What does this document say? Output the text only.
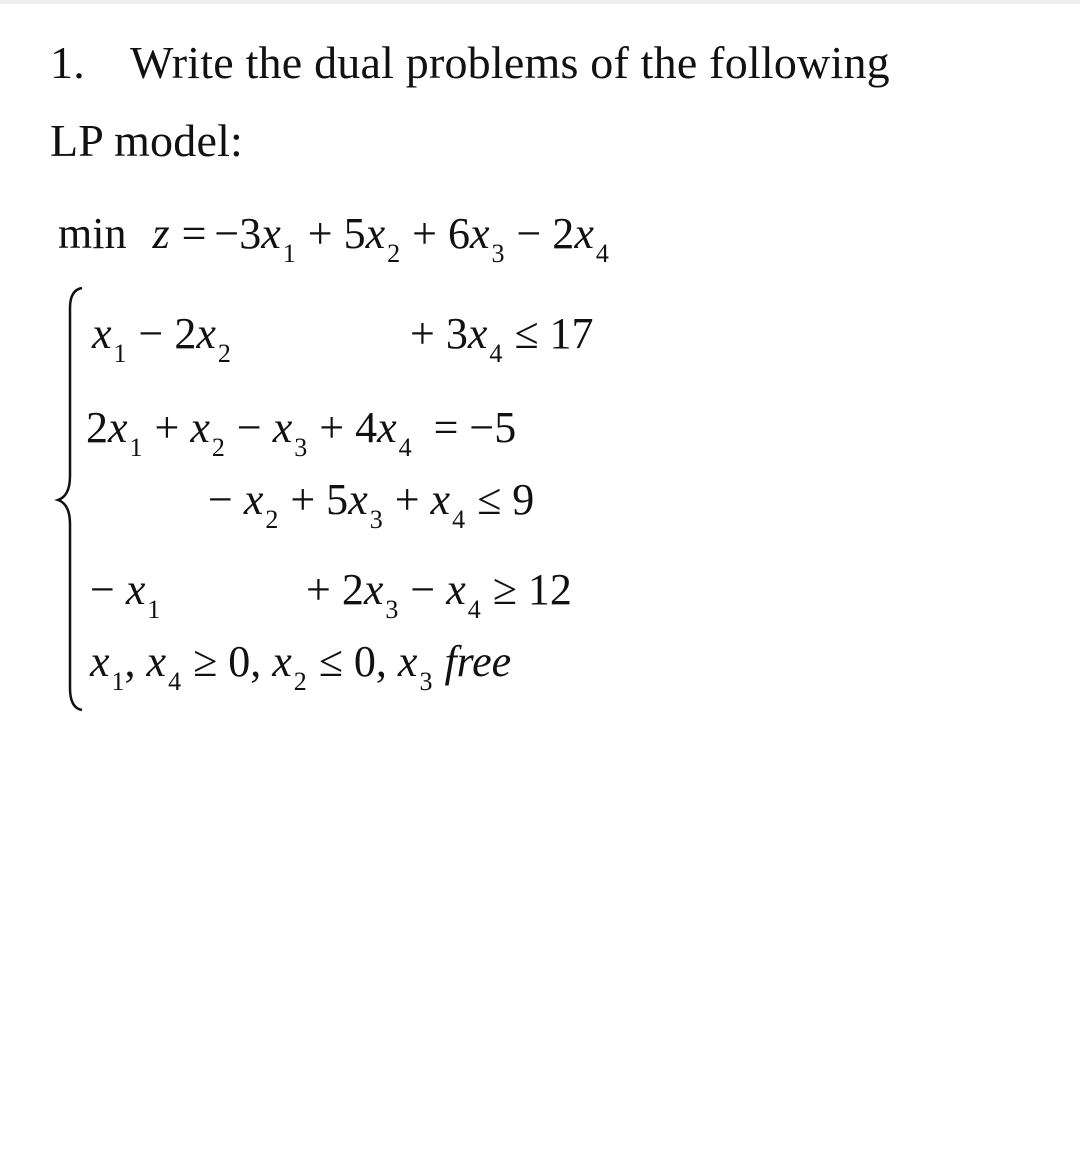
1. Write the dual problems of the following
LP model:
$\min z = -3x_1 + 5x_2 + 6x_3 - 2x_4$
$x_1 - 2x_2$	+ $3x_4 \le 17$
$2x_1 + x_2 - x_3 + 4x_4 = -5$
− $x_2 + 5x_3 + x_4 \le 9$
− $x_1$	+ $2x_3 - x_4 \ge 12$
$x_1$, $x_4 \ge 0$, $x_2 \le 0$, $x_3$ free
